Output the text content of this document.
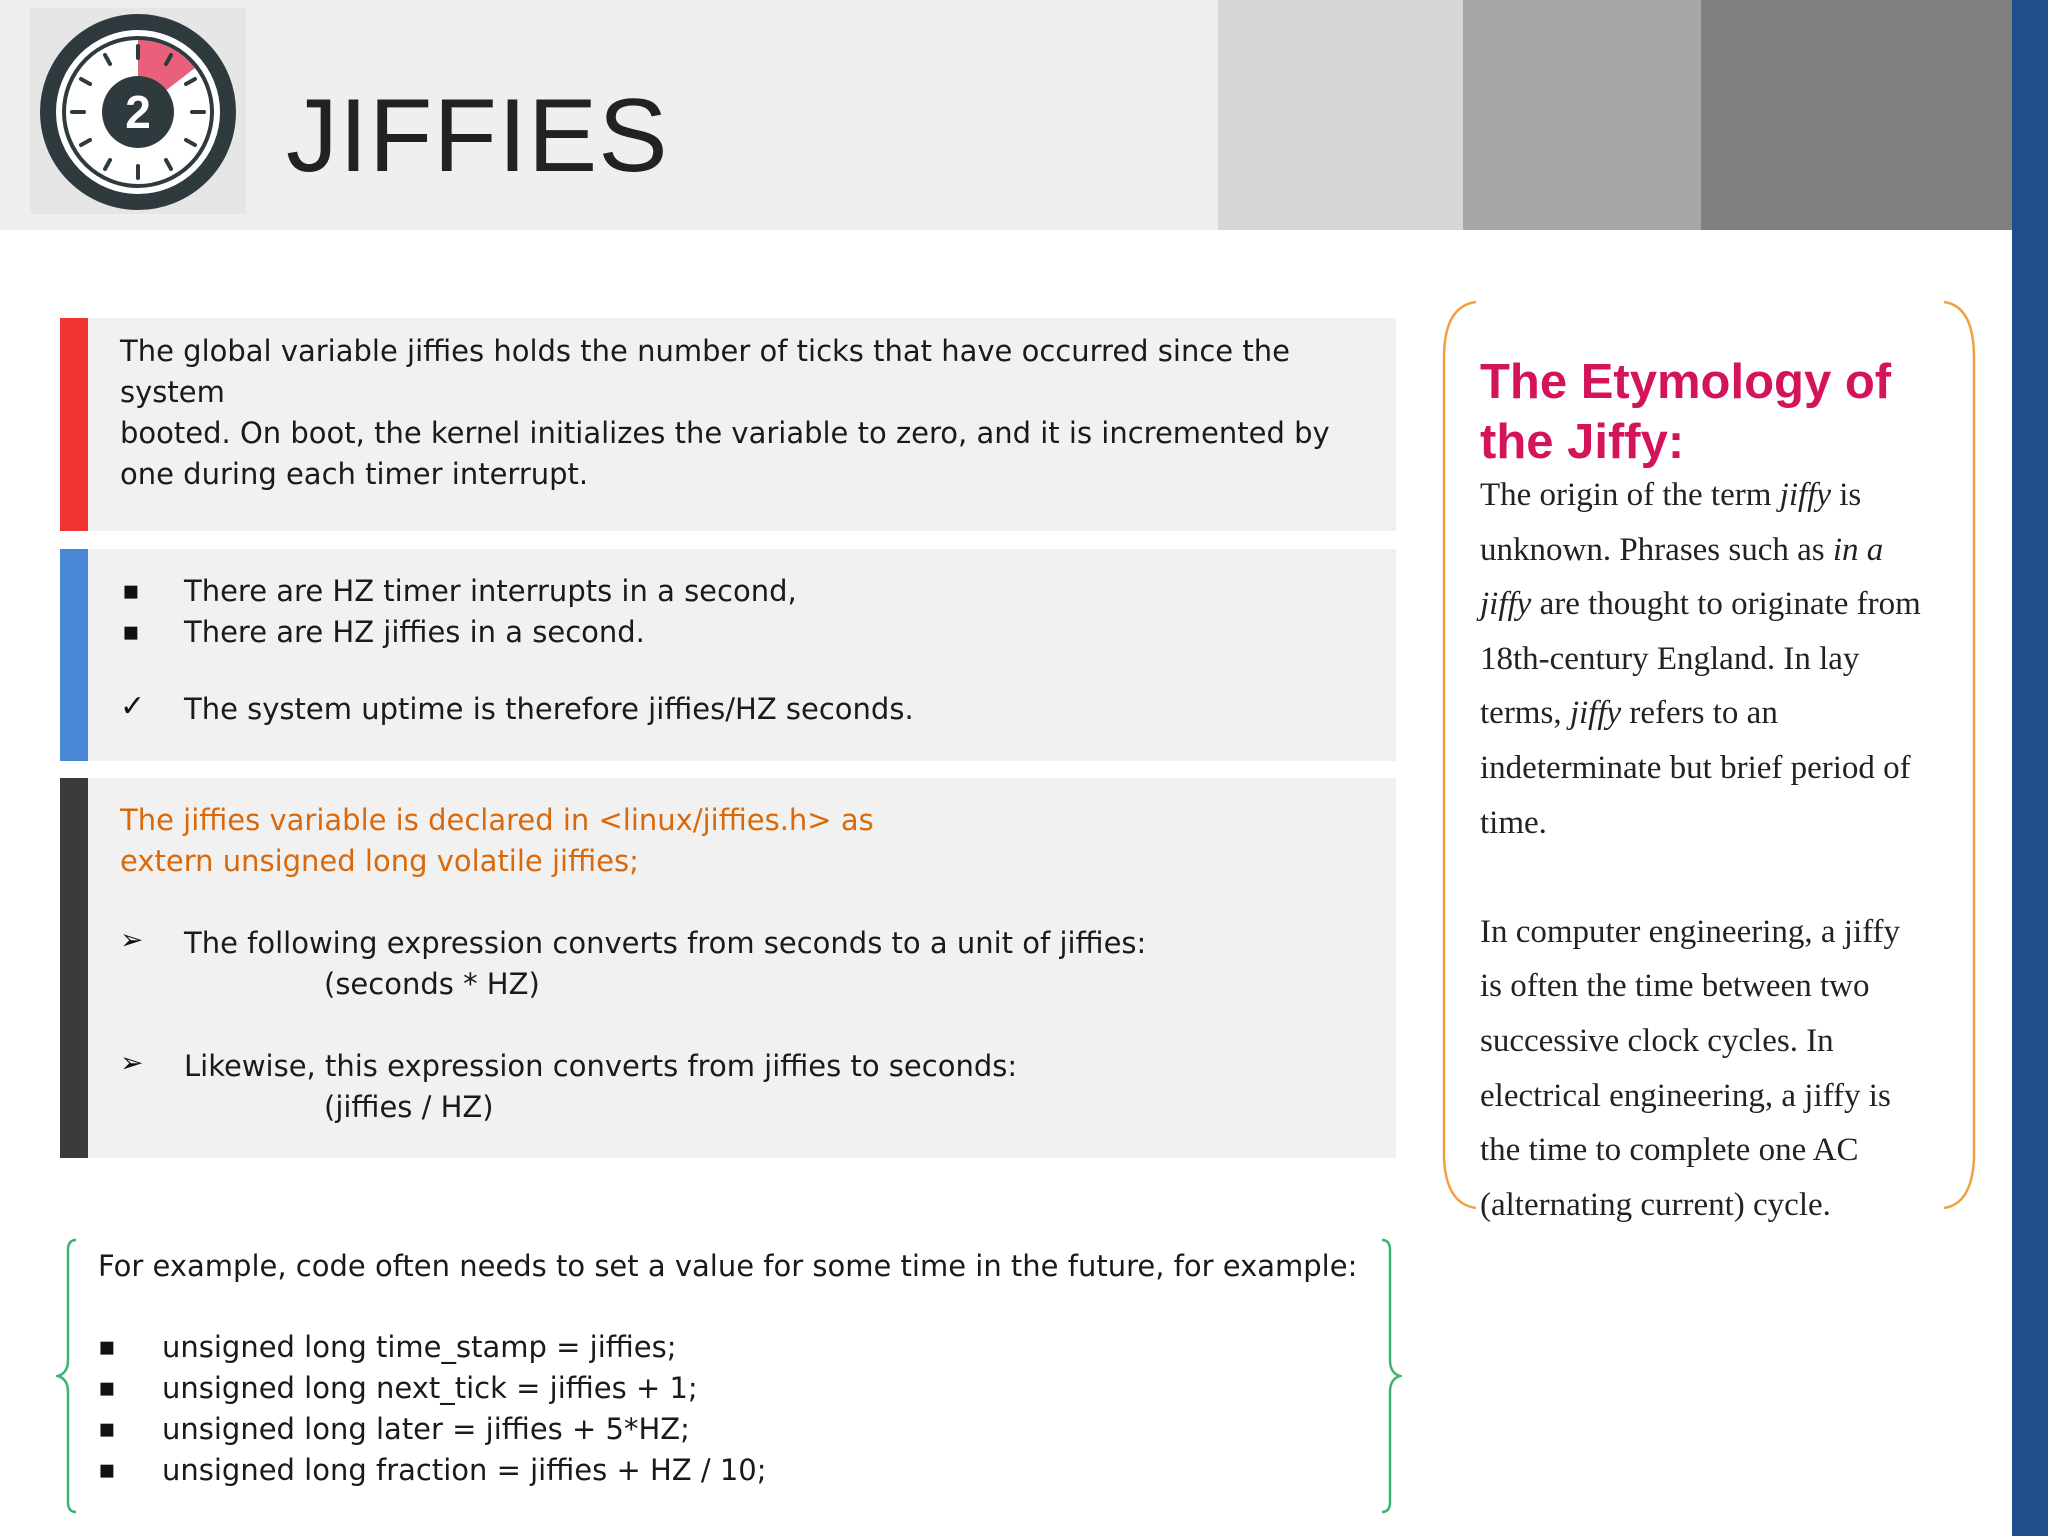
2 JIFFIES
The global variable jiffies holds the number of ticks that have occurred since the
system
booted. On boot, the kernel initializes the variable to zero, and it is incremented by
one during each timer interrupt.
▪ There are HZ timer interrupts in a second,
▪ There are HZ jiffies in a second.
✓ The system uptime is therefore jiffies/HZ seconds.
The jiffies variable is declared in <linux/jiffies.h> as
extern unsigned long volatile jiffies;
➢ The following expression converts from seconds to a unit of jiffies:
(seconds * HZ)
➢ Likewise, this expression converts from jiffies to seconds:
(jiffies / HZ)
For example, code often needs to set a value for some time in the future, for example:
▪ unsigned long time_stamp = jiffies;
▪ unsigned long next_tick = jiffies + 1;
▪ unsigned long later = jiffies + 5*HZ;
▪ unsigned long fraction = jiffies + HZ / 10;
The Etymology of
the Jiffy:

The origin of the term jiffy is

unknown. Phrases such as in a

jiffy are thought to originate from

18th-century England. In lay

terms, jiffy refers to an

indeterminate but brief period of

time.

In computer engineering, a jiffy

is often the time between two

successive clock cycles. In

electrical engineering, a jiffy is

the time to complete one AC

(alternating current) cycle.
